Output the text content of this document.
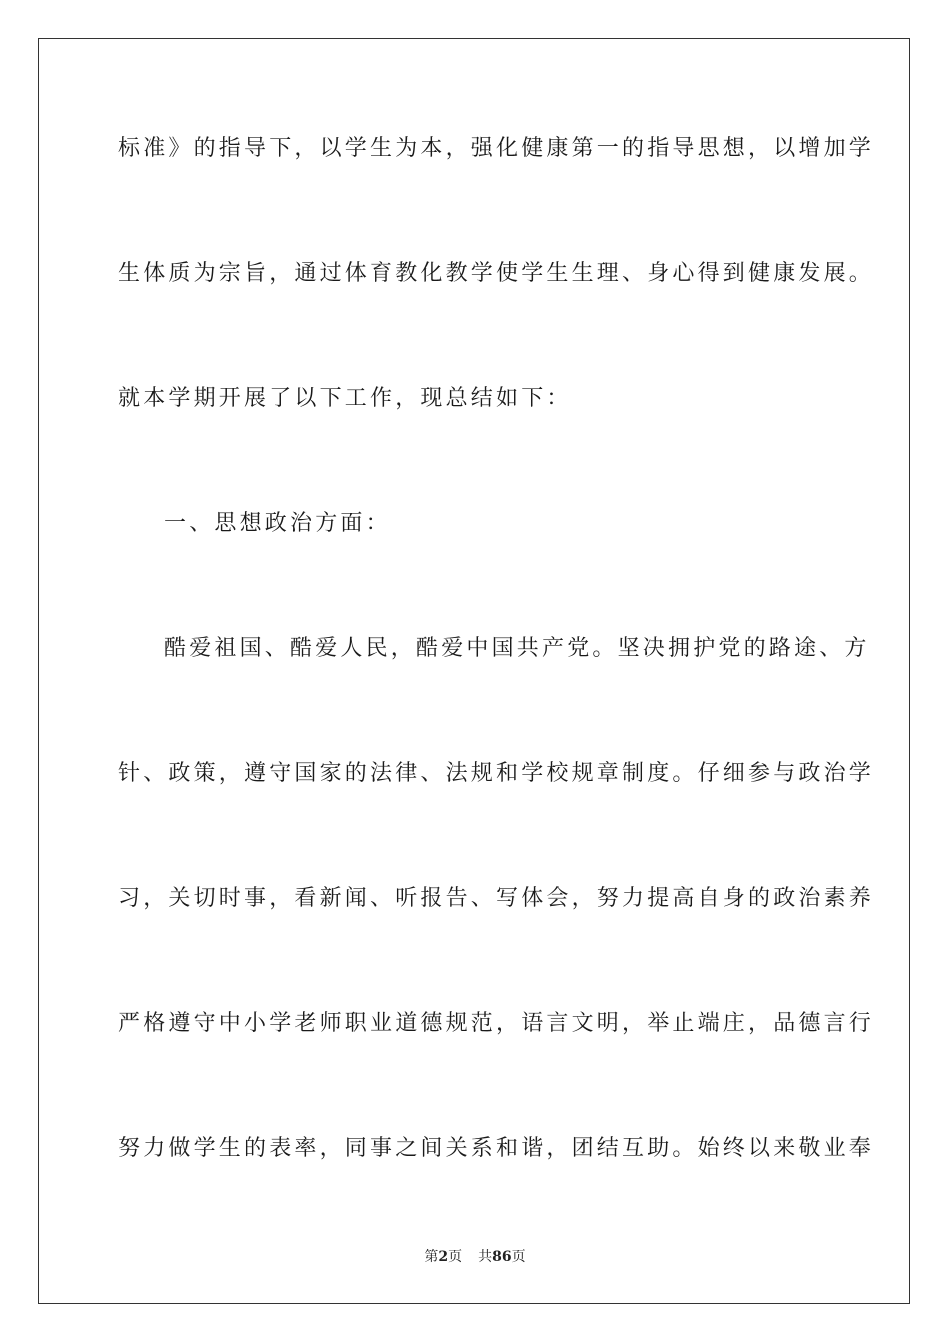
标准》的指导下，以学生为本，强化健康第一的指导思想，以增加学
生体质为宗旨，通过体育教化教学使学生生理、身心得到健康发展。
就本学期开展了以下工作，现总结如下：
一、思想政治方面：
酷爱祖国、酷爱人民，酷爱中国共产党。坚决拥护党的路途、方
针、政策，遵守国家的法律、法规和学校规章制度。仔细参与政治学
习，关切时事，看新闻、听报告、写体会，努力提高自身的政治素养
严格遵守中小学老师职业道德规范，语言文明，举止端庄，品德言行
努力做学生的表率，同事之间关系和谐，团结互助。始终以来敬业奉
第2页 共86页
